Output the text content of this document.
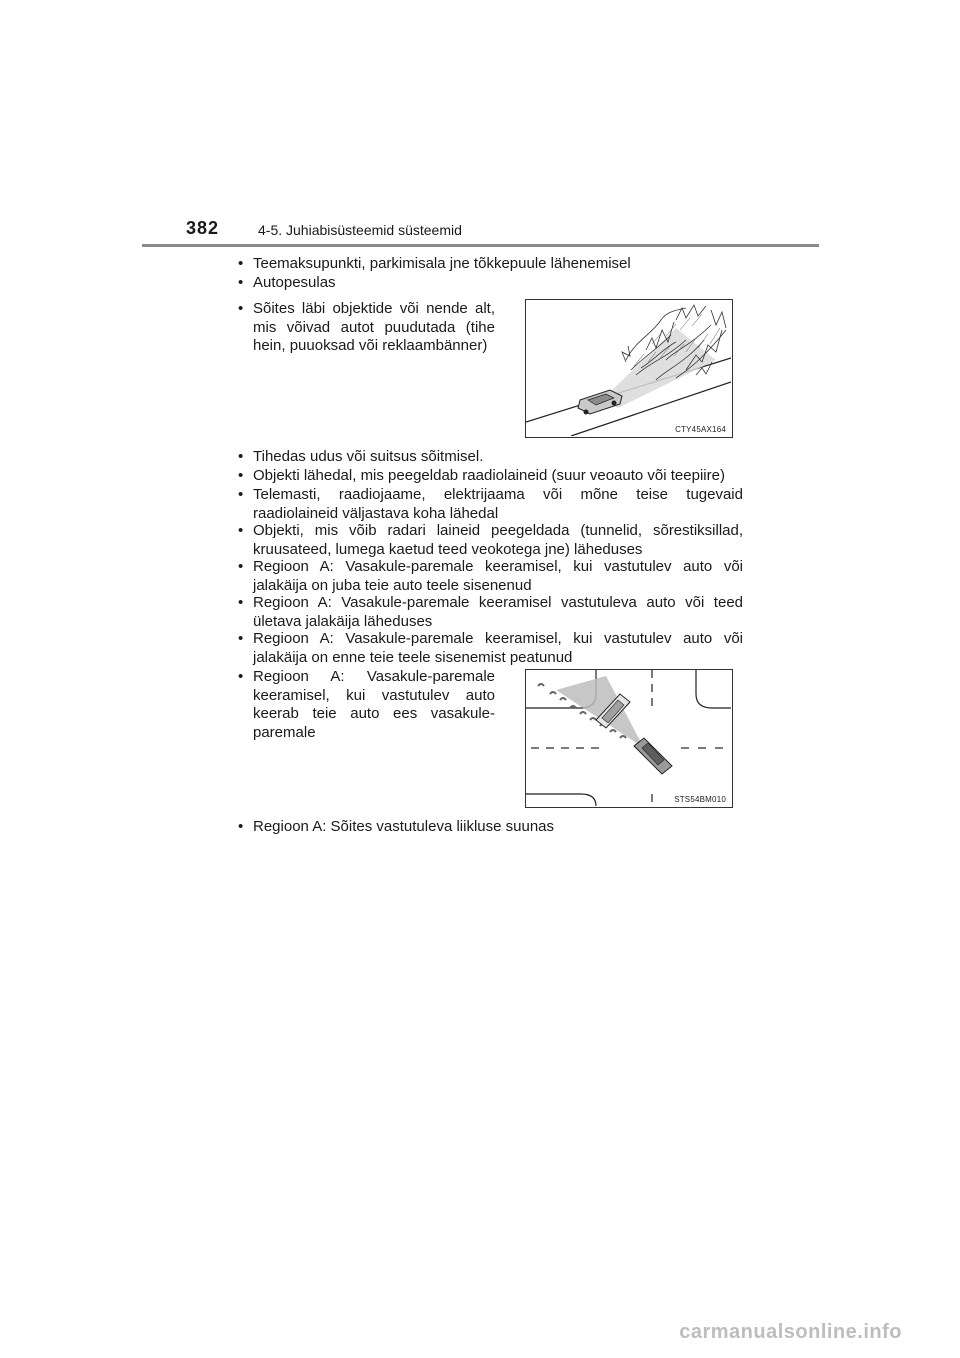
382	4-5. Juhiabisüsteemid süsteemid
• Teemaksupunkti, parkimisala jne tõkkepuule lähenemisel
• Autopesulas
• Sõites läbi objektide või nende alt, mis võivad autot puudutada (tihe hein, puuoksad või reklaambänner)
CTY45AX164
• Tihedas udus või suitsus sõitmisel.
• Objekti lähedal, mis peegeldab raadiolaineid (suur veoauto või teepiire)
• Telemasti, raadiojaame, elektrijaama või mõne teise tugevaid raadiolaineid väljastava koha lähedal
• Objekti, mis võib radari laineid peegeldada (tunnelid, sõrestiksillad, kruusateed, lumega kaetud teed veokotega jne) läheduses
• Regioon A: Vasakule-paremale keeramisel, kui vastutulev auto või jalakäija on juba teie auto teele sisenenud
• Regioon A: Vasakule-paremale keeramisel vastutuleva auto või teed ületava jalakäija läheduses
• Regioon A: Vasakule-paremale keeramisel, kui vastutulev auto või jalakäija on enne teie teele sisenemist peatunud
• Regioon A: Vasakule-paremale keeramisel, kui vastutulev auto keerab teie auto ees vasakule-paremale
STS54BM010
• Regioon A: Sõites vastutuleva liikluse suunas
carmanualsonline.info
